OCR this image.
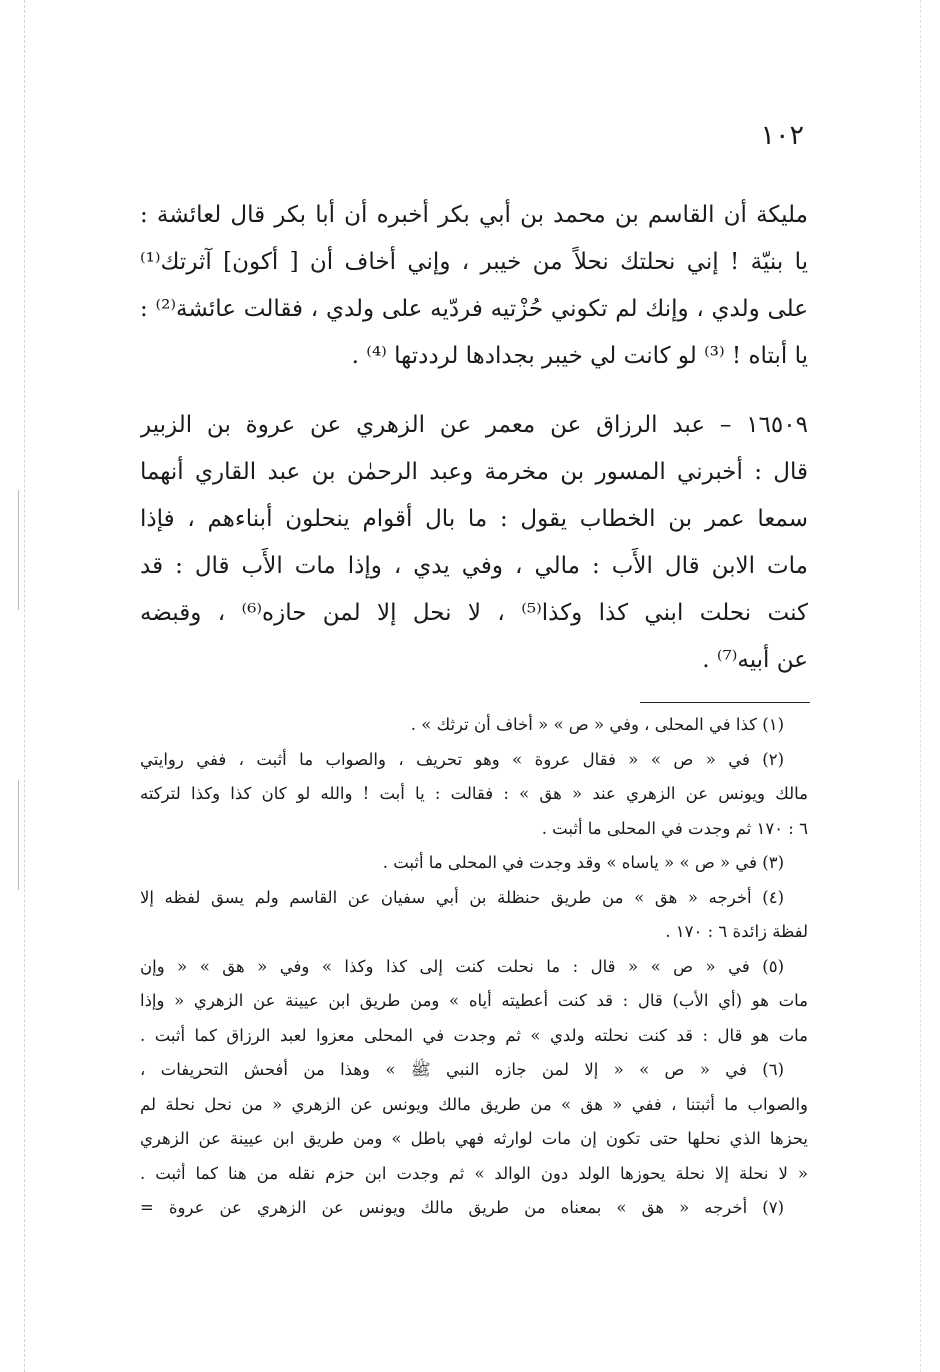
١٠٢
مليكة أن القاسم بن محمد بن أبي بكر أخبره أن أبا بكر قال لعائشة :
يا بنيّة ! إني نحلتك نحلاً من خيبر ، وإني أخاف أن [ أكون] آثرتك⁽¹⁾
على ولدي ، وإنك لم تكوني حُزْتيه فردّيه على ولدي ، فقالت عائشة⁽²⁾ :
يا أبتاه ! ⁽³⁾ لو كانت لي خيبر بجدادها لرددتها ⁽⁴⁾ .
١٦٥٠٩ – عبد الرزاق عن معمر عن الزهري عن عروة بن الزبير
قال : أخبرني المسور بن مخرمة وعبد الرحمٰن بن عبد القاري أنهما
سمعا عمر بن الخطاب يقول : ما بال أقوام ينحلون أبناءهم ، فإذا
مات الابن قال الأَب : مالي ، وفي يدي ، وإذا مات الأَب قال : قد
كنت نحلت ابني كذا وكذا⁽⁵⁾ ، لا نحل إلا لمن حازه⁽⁶⁾ ، وقبضه
عن أبيه⁽⁷⁾ .
(١) كذا في المحلى ، وفي « ص » « أخاف أن ترثك » .
(٢) في « ص » « فقال عروة » وهو تحريف ، والصواب ما أثبت ، ففي روايتي
مالك ويونس عن الزهري عند « هق » : فقالت : يا أبت ! والله لو كان كذا وكذا لتركته
٦ : ١٧٠ ثم وجدت في المحلى ما أثبت .
(٣) في « ص » « ياساه » وقد وجدت في المحلى ما أثبت .
(٤) أخرجه « هق » من طريق حنظلة بن أبي سفيان عن القاسم ولم يسق لفظه إلا
لفظة زائدة ٦ : ١٧٠ .
(٥) في « ص » « قال : ما نحلت كنت إلى كذا وكذا » وفي « هق » « وإن
مات هو (أي الأب) قال : قد كنت أعطيته أياه » ومن طريق ابن عيينة عن الزهري « وإذا
مات هو قال : قد كنت نحلته ولدي » ثم وجدت في المحلى معزوا لعبد الرزاق كما أثبت .
(٦) في « ص » « إلا لمن جازه النبي ﷺ » وهذا من أفحش التحريفات ،
والصواب ما أثبتنا ، ففي « هق » من طريق مالك ويونس عن الزهري « من نحل نحلة لم
يحزها الذي نحلها حتى تكون إن مات لوارثه فهي باطل » ومن طريق ابن عيينة عن الزهري
« لا نحلة إلا نحلة يحوزها الولد دون الوالد » ثم وجدت ابن حزم نقله من هنا كما أثبت .
(٧) أخرجه « هق » بمعناه من طريق مالك ويونس عن الزهري عن عروة =
